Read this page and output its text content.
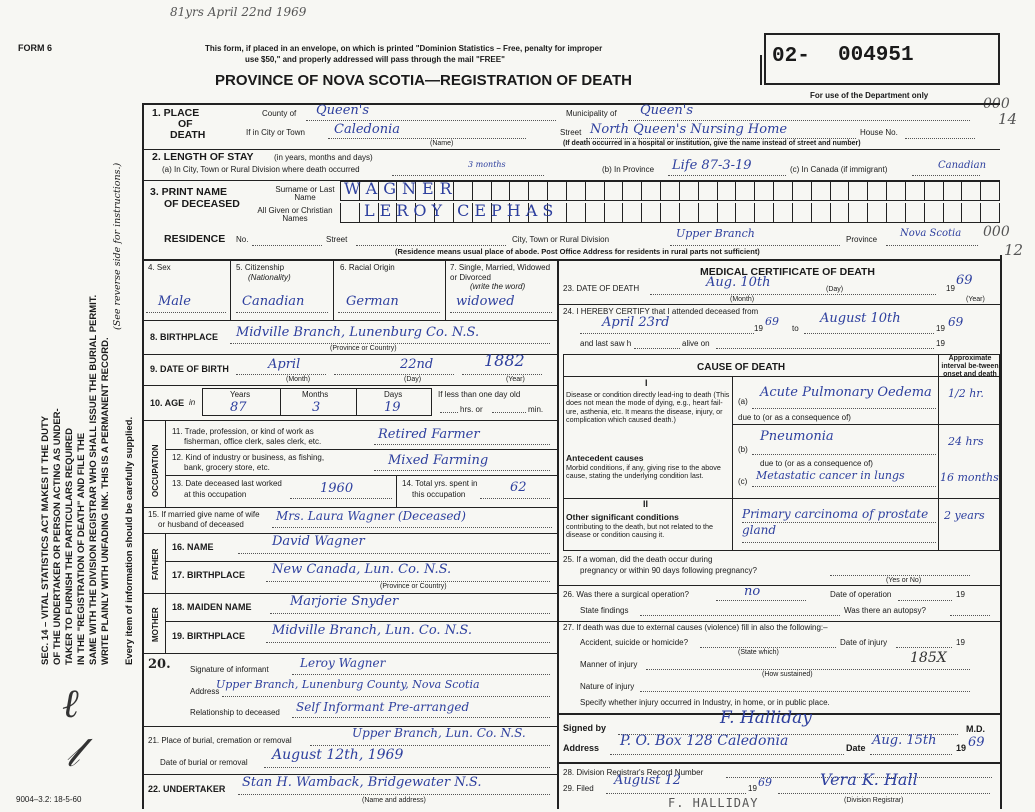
81yrs April 22nd 1969
FORM 6	This form, if placed in an envelope, on which is printed "Dominion Statistics – Free, penalty for improper
use $50," and properly addressed will pass through the mail "FREE"
PROVINCE OF NOVA SCOTIA—REGISTRATION OF DEATH
02- 004951
For use of the Department only
000
14
000
12
SEC. 14 – VITAL STATISTICS ACT MAKES IT THE DUTY OF THE UNDERTAKER OR PERSON ACTING AS UNDER- TAKER TO FURNISH THE PARTICULARS REQUIRED IN THE "REGISTRATION OF DEATH" AND FILE THE SAME WITH THE DIVISION REGISTRAR WHO SHALL ISSUE THE BURIAL PERMIT. WRITE PLAINLY WITH UNFADING INK. THIS IS A PERMANENT RECORD.
(See reverse side for instructions.)
Every item of information should be carefully supplied.
ℓ
𝓁
9004–3.2: 18-5-60
1. PLACE
OF
DEATH
County of Queen's	Municipality of Queen's
If in City or Town Caledonia
(Name)
Street North Queen's Nursing Home	House No.
(If death occurred in a hospital or institution, give the name instead of street and number)
2. LENGTH OF STAY	(in years, months and days)
(a) In City, Town or Rural Division where death occurred
3 months
(b) In Province Life 87-3-19	(c) In Canada (if immigrant)	Canadian
3. PRINT NAME
OF DECEASED
Surname or Last Name
All Given or Christian Names
WAGNER
LEROY CEPHAS
RESIDENCE No.	Street	City, Town or Rural Division	Upper Branch	Province
Nova Scotia
(Residence means usual place of abode. Post Office Address for residents in rural parts not sufficient)
4. Sex	5. Citizenship
(Nationality)
6. Racial Origin	7. Single, Married, Widowed or Divorced
(write the word)
Male	Canadian	German	widowed
8. BIRTHPLACE Midville Branch, Lunenburg Co. N.S.
(Province or Country)
9. DATE OF BIRTH	April	22nd	1882
(Month)	(Day)	(Year)
10. AGE in
Years	Months	Days
87	3	19
If less than one day old
hrs. or	min.
OCCUPATION
11. Trade, profession, or kind of work as
fisherman, office clerk, sales clerk, etc.	Retired Farmer
12. Kind of industry or business, as fishing,
bank, grocery store, etc.	Mixed Farming
13. Date deceased last worked
at this occupation	1960	14. Total yrs. spent in
this occupation	62
15. If married give name of wife
or husband of deceased
Mrs. Laura Wagner (Deceased)
FATHER
16. NAME	David Wagner
17. BIRTHPLACE New Canada, Lun. Co. N.S.
(Province or Country)
MOTHER
18. MAIDEN NAME	Marjorie Snyder
19. BIRTHPLACE Midville Branch, Lun. Co. N.S.
20. Signature of informant	Leroy Wagner
Address
Upper Branch, Lunenburg County, Nova Scotia
Relationship to deceased Self Informant Pre-arranged
21. Place of burial, cremation or removal
Upper Branch, Lun. Co. N.S.
Date of burial or removal August 12th, 1969
22. UNDERTAKER Stan H. Wamback, Bridgewater N.S.
(Name and address)
MEDICAL CERTIFICATE OF DEATH
23. DATE OF DEATH	Aug. 10th	(Day)	19
69
(Month)	(Year)
24. I HEREBY CERTIFY that I attended deceased from
April 23rd	19
69
to
August 10th
19 69
and last saw h	alive on	19
CAUSE OF DEATH
Approximate interval be-tween onset and death
I
Disease or condition directly lead-ing to death (This does not mean the mode of dying, e.g., heart fail-ure, asthenia, etc. It means the disease, injury, or complication which caused death.)
(a)
Acute Pulmonary Oedema 1/2 hr.
due to (or as a consequence of)
Antecedent causes
Morbid conditions, if any, giving rise to the above cause, stating the underlying condition last.
(b)
Pneumonia	24 hrs
due to (or as a consequence of)
(c) Metastatic cancer in lungs	16 months
II
Other significant conditions
contributing to the death, but not related to the disease or condition causing it.
Primary carcinoma of prostate gland
2 years
25. If a woman, did the death occur during
pregnancy or within 90 days following pregnancy?
(Yes or No)
26. Was there a surgical operation?	no	Date of operation	19
State findings	Was there an autopsy?
27. If death was due to external causes (violence) fill in also the following:–
Accident, suicide or homicide?	Date of injury	19
(State which)
Manner of injury	185X
(How sustained)
Nature of injury
Specify whether injury occurred in Industry, in home, or in public place.
Signed by	F. Halliday
M.D.
Address P. O. Box 128 Caledonia	Date Aug. 15th 19 69
28. Division Registrar's Record Number
29. Filed
August 12
19 69	Vera K. Hall
(Division Registrar)
F. HALLIDAY
